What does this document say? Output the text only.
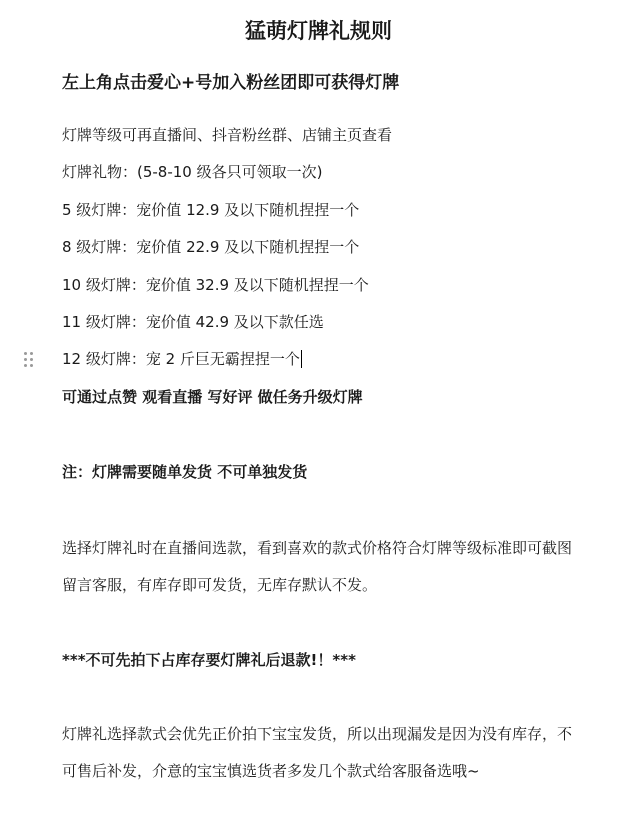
猛萌灯牌礼规则
左上角点击爱心+号加入粉丝团即可获得灯牌
灯牌等级可再直播间、抖音粉丝群、店铺主页查看
灯牌礼物：(5-8-10 级各只可领取一次)
5 级灯牌：宠价值 12.9 及以下随机捏捏一个
8 级灯牌：宠价值 22.9 及以下随机捏捏一个
10 级灯牌：宠价值 32.9 及以下随机捏捏一个
11 级灯牌：宠价值 42.9 及以下款任选
12 级灯牌：宠 2 斤巨无霸捏捏一个
可通过点赞 观看直播 写好评 做任务升级灯牌
注：灯牌需要随单发货 不可单独发货
选择灯牌礼时在直播间选款，看到喜欢的款式价格符合灯牌等级标准即可截图留言客服，有库存即可发货，无库存默认不发。
***不可先拍下占库存要灯牌礼后退款!！***
灯牌礼选择款式会优先正价拍下宝宝发货，所以出现漏发是因为没有库存，不可售后补发，介意的宝宝慎选货者多发几个款式给客服备选哦~
